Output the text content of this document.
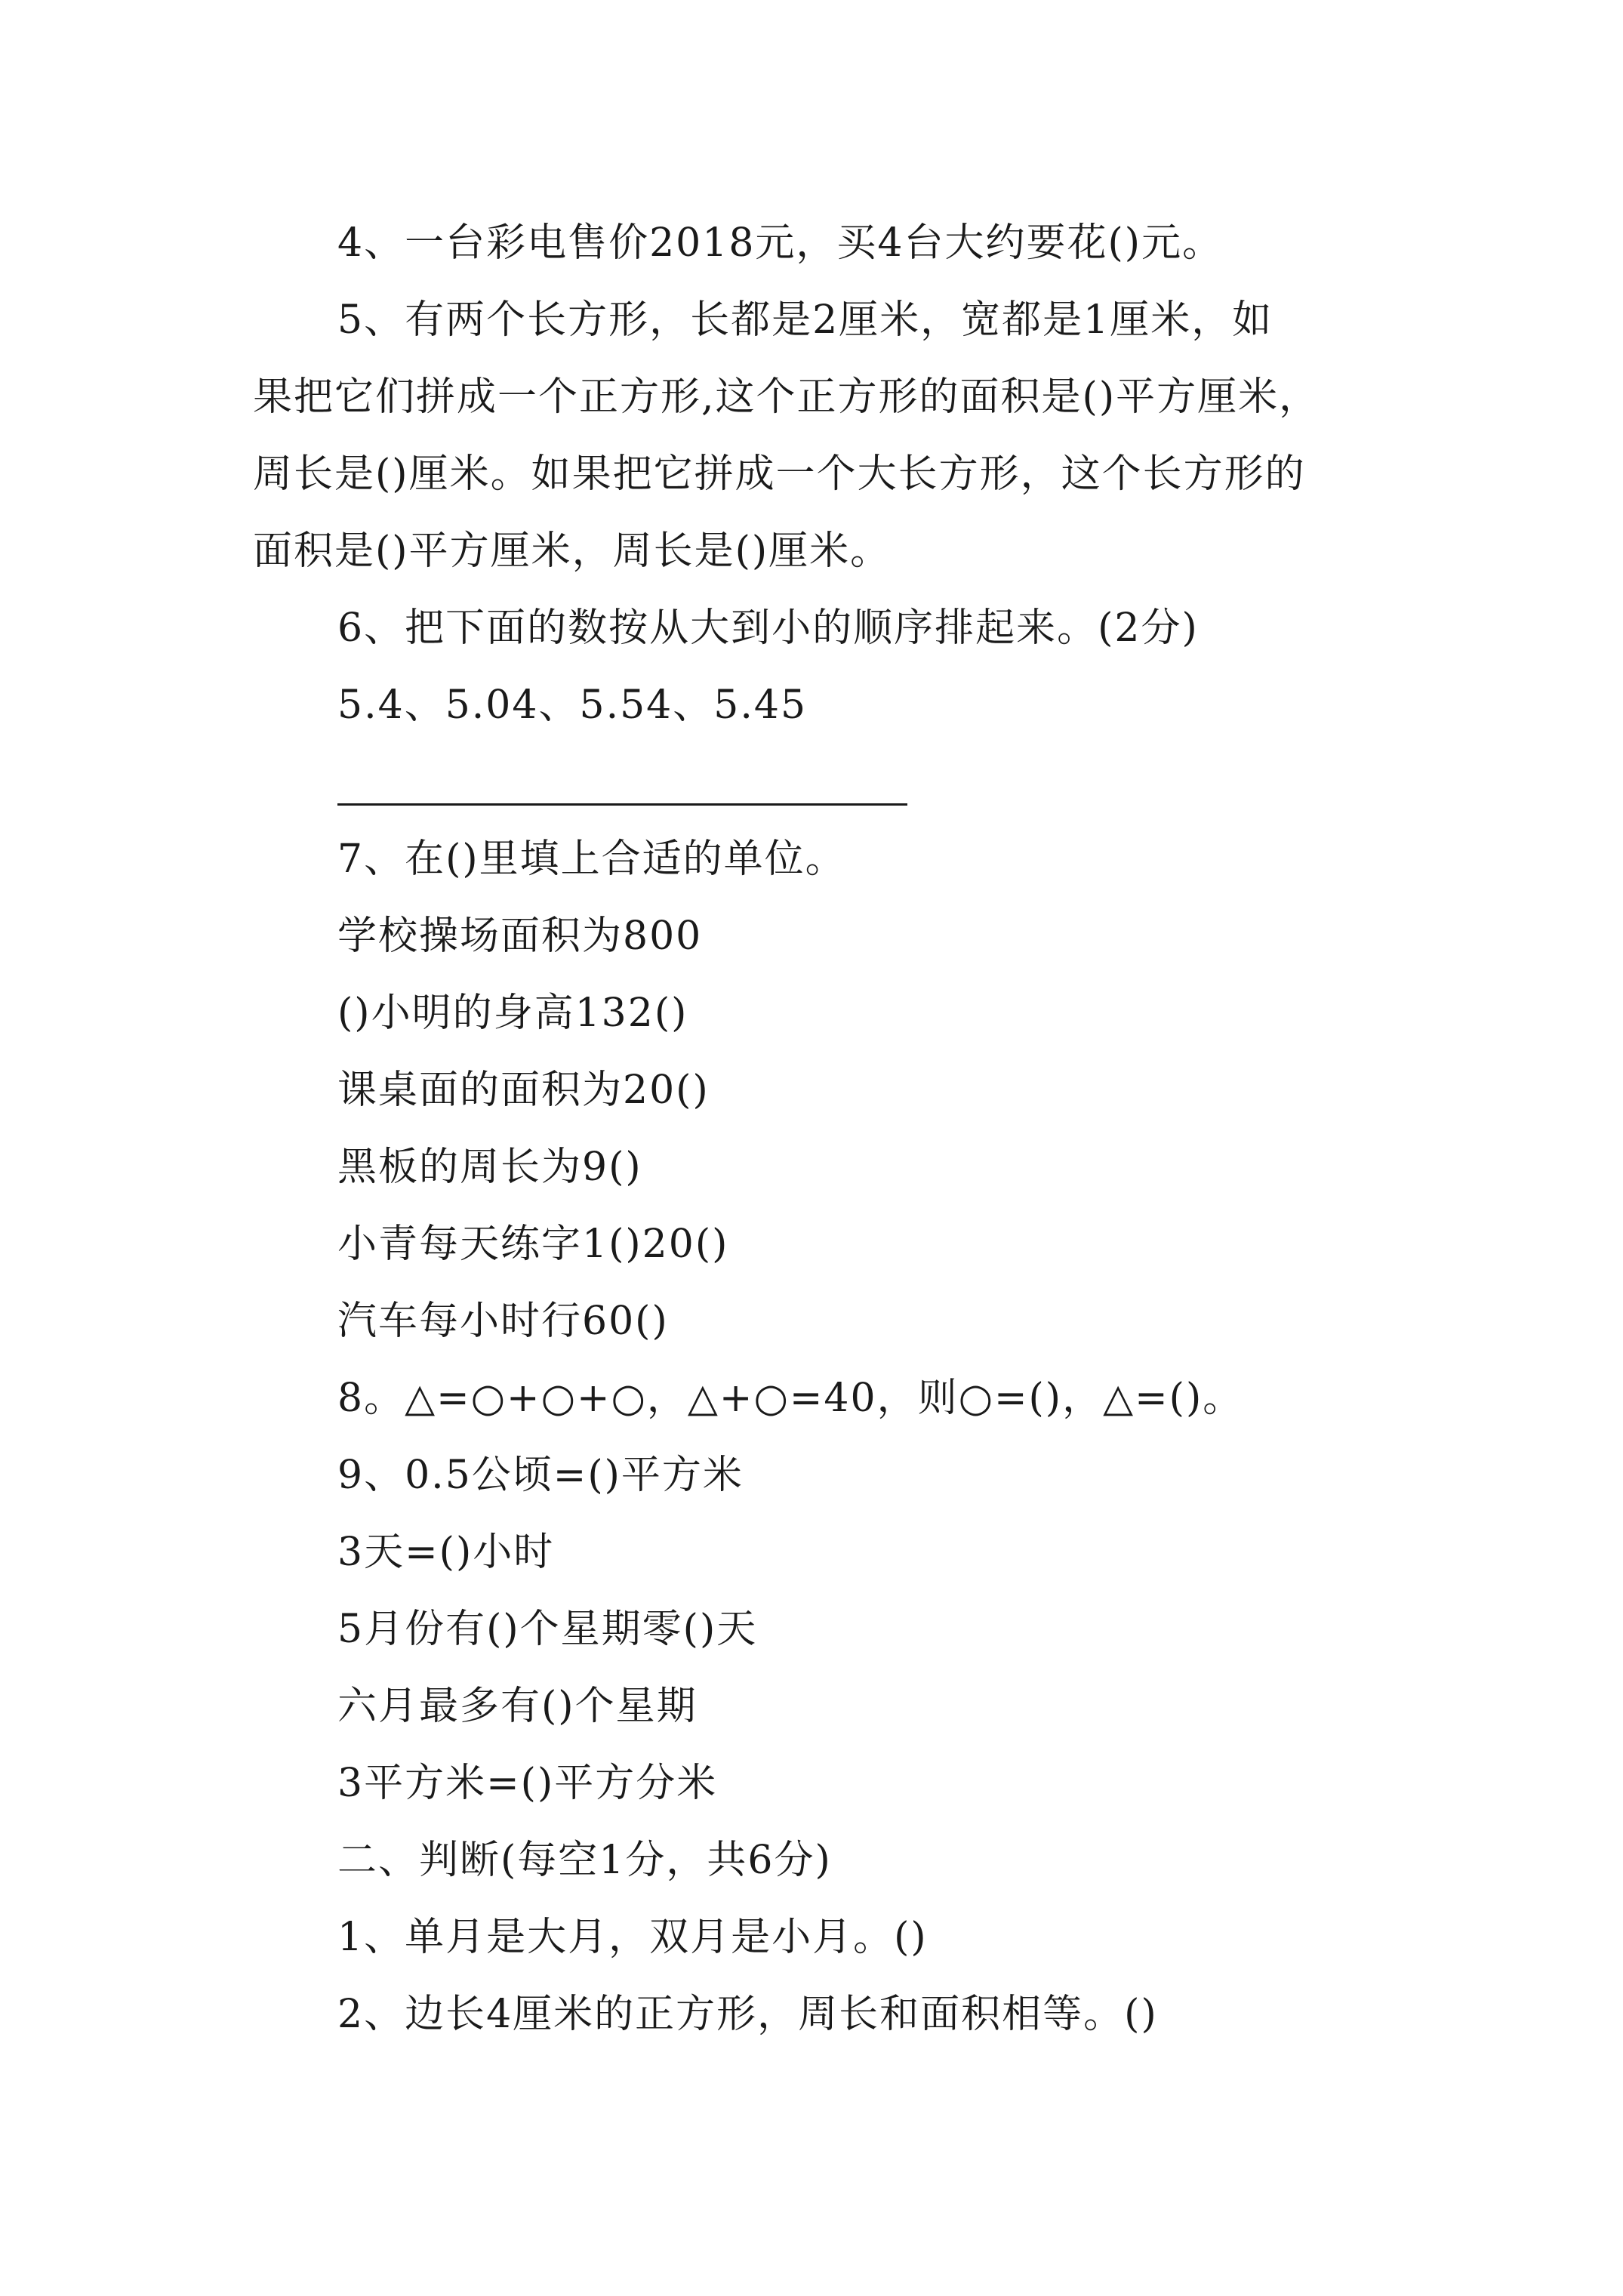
4、一台彩电售价2018元，买4台大约要花()元。
5、有两个长方形，长都是2厘米，宽都是1厘米，如
果把它们拼成一个正方形,这个正方形的面积是()平方厘米，
周长是()厘米。如果把它拼成一个大长方形，这个长方形的
面积是()平方厘米，周长是()厘米。
6、把下面的数按从大到小的顺序排起来。(2分)
5.4、5.04、5.54、5.45
7、在()里填上合适的单位。
学校操场面积为800
()小明的身高132()
课桌面的面积为20()
黑板的周长为9()
小青每天练字1()20()
汽车每小时行60()
8。△=○+○+○，△+○=40，则○=()，△=()。
9、0.5公顷=()平方米
3天=()小时
5月份有()个星期零()天
六月最多有()个星期
3平方米=()平方分米
二、判断(每空1分，共6分)
1、单月是大月，双月是小月。()
2、边长4厘米的正方形，周长和面积相等。()
